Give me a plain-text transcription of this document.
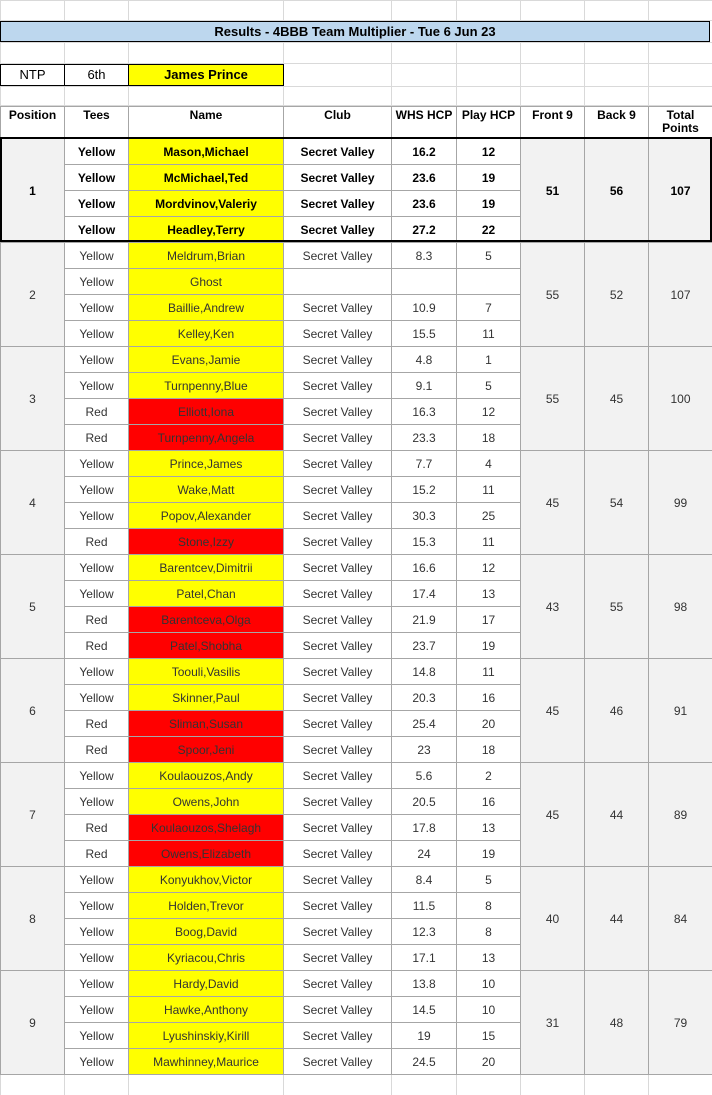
Results - 4BBB Team Multiplier - Tue 6 Jun 23
NTP	6th	James Prince
Position	Tees	Name	Club	WHS HCP	Play HCP	Front 9	Back 9	Total
Points
1	Yellow	Mason,Michael	Secret Valley	16.2	12	51	56	107
	Yellow	McMichael,Ted	Secret Valley	23.6	19			
	Yellow	Mordvinov,Valeriy	Secret Valley	23.6	19			
	Yellow	Headley,Terry	Secret Valley	27.2	22			
2	Yellow	Meldrum,Brian	Secret Valley	8.3	5	55	52	107
	Yellow	Ghost						
	Yellow	Baillie,Andrew	Secret Valley	10.9	7			
	Yellow	Kelley,Ken	Secret Valley	15.5	11			
3	Yellow	Evans,Jamie	Secret Valley	4.8	1	55	45	100
	Yellow	Turnpenny,Blue	Secret Valley	9.1	5			
	Red	Elliott,Iona	Secret Valley	16.3	12			
	Red	Turnpenny,Angela	Secret Valley	23.3	18			
4	Yellow	Prince,James	Secret Valley	7.7	4	45	54	99
	Yellow	Wake,Matt	Secret Valley	15.2	11			
	Yellow	Popov,Alexander	Secret Valley	30.3	25			
	Red	Stone,Izzy	Secret Valley	15.3	11			
5	Yellow	Barentcev,Dimitrii	Secret Valley	16.6	12	43	55	98
	Yellow	Patel,Chan	Secret Valley	17.4	13			
	Red	Barentceva,Olga	Secret Valley	21.9	17			
	Red	Patel,Shobha	Secret Valley	23.7	19			
6	Yellow	Toouli,Vasilis	Secret Valley	14.8	11	45	46	91
	Yellow	Skinner,Paul	Secret Valley	20.3	16			
	Red	Sliman,Susan	Secret Valley	25.4	20			
	Red	Spoor,Jeni	Secret Valley	23	18			
7	Yellow	Koulaouzos,Andy	Secret Valley	5.6	2	45	44	89
	Yellow	Owens,John	Secret Valley	20.5	16			
	Red	Koulaouzos,Shelagh	Secret Valley	17.8	13			
	Red	Owens,Elizabeth	Secret Valley	24	19			
8	Yellow	Konyukhov,Victor	Secret Valley	8.4	5	40	44	84
	Yellow	Holden,Trevor	Secret Valley	11.5	8			
	Yellow	Boog,David	Secret Valley	12.3	8			
	Yellow	Kyriacou,Chris	Secret Valley	17.1	13			
9	Yellow	Hardy,David	Secret Valley	13.8	10	31	48	79
	Yellow	Hawke,Anthony	Secret Valley	14.5	10			
	Yellow	Lyushinskiy,Kirill	Secret Valley	19	15			
	Yellow	Mawhinney,Maurice	Secret Valley	24.5	20			
